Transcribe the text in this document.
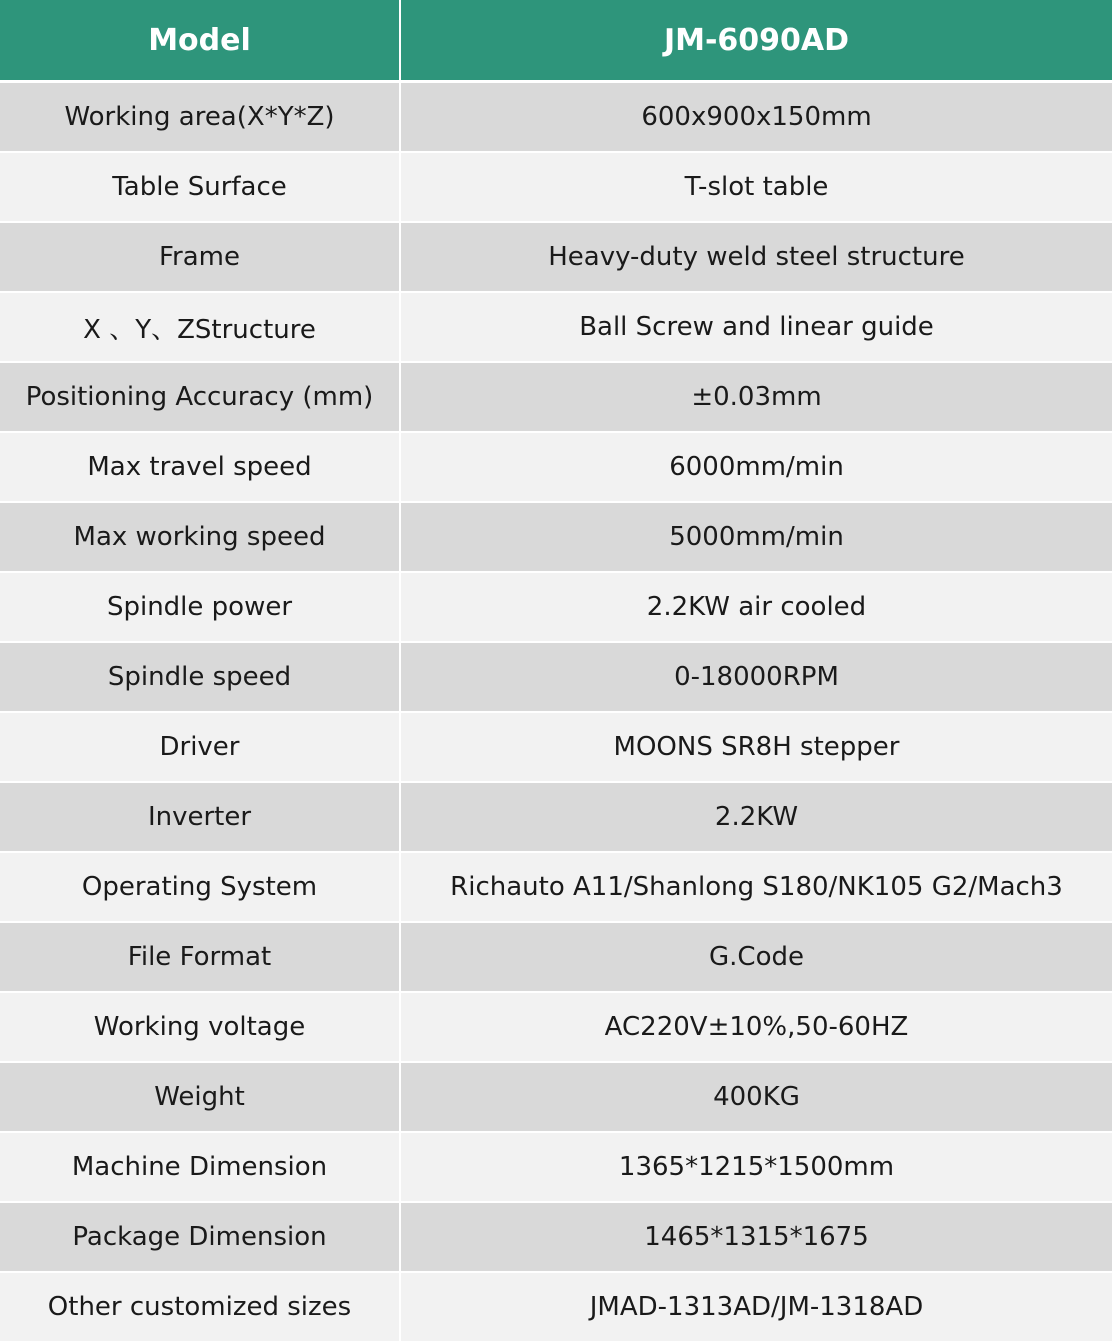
Model	JM-6090AD
Working area(X*Y*Z)	600x900x150mm
Table Surface	T-slot table
Frame	Heavy-duty weld steel structure
X 、Y、ZStructure	Ball Screw and linear guide
Positioning Accuracy (mm)	±0.03mm
Max travel speed	6000mm/min
Max working speed	5000mm/min
Spindle power	2.2KW air cooled
Spindle speed	0-18000RPM
Driver	MOONS SR8H stepper
Inverter	2.2KW
Operating System	Richauto A11/Shanlong S180/NK105 G2/Mach3
File Format	G.Code
Working voltage	AC220V±10%,50-60HZ
Weight	400KG
Machine Dimension	1365*1215*1500mm
Package Dimension	1465*1315*1675
Other customized sizes	JMAD-1313AD/JM-1318AD
